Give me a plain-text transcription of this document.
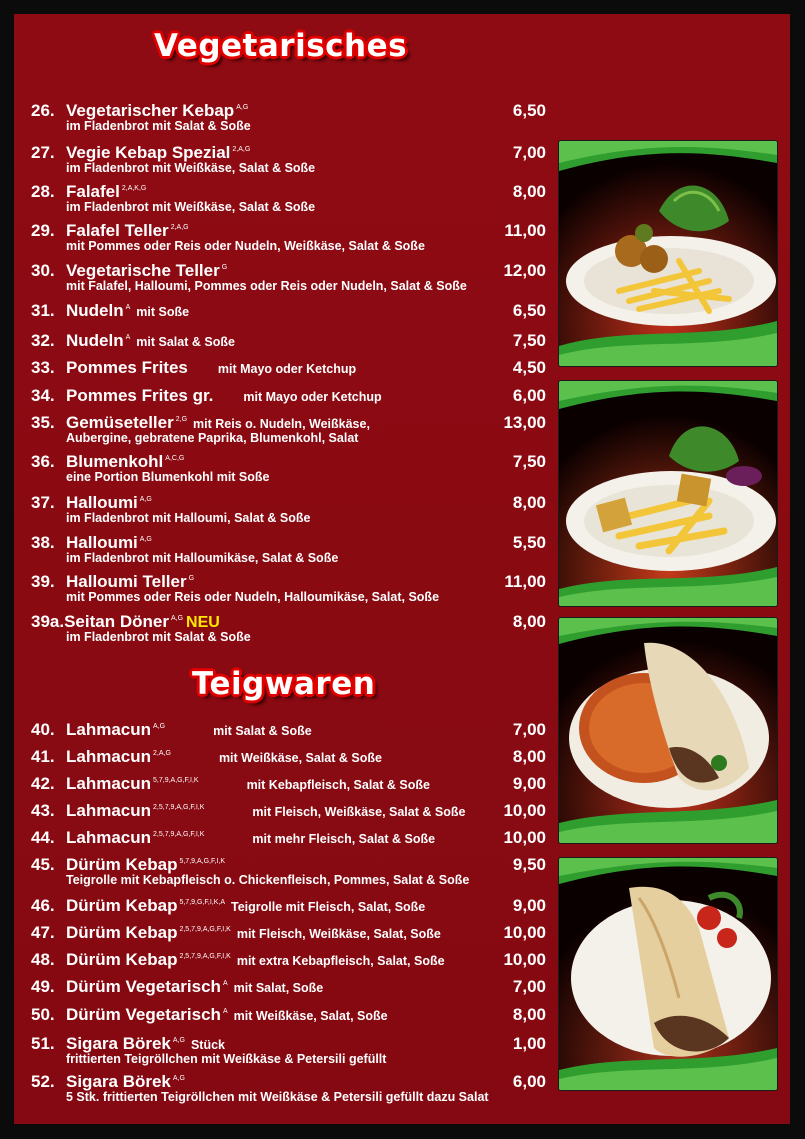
Vegetarisches
Teigwaren
26. Vegetarischer Kebap $^{A,G}$	6,50
im Fladenbrot mit Salat & Soße
27. Vegie Kebap Spezial $^{2,A,G}$	7,00
im Fladenbrot mit Weißkäse, Salat & Soße
28. Falafel $^{2,A,K,G}$	8,00
im Fladenbrot mit Weißkäse, Salat & Soße
29. Falafel Teller $^{2,A,G}$	11,00
mit Pommes oder Reis oder Nudeln, Weißkäse, Salat & Soße
30. Vegetarische Teller $^G$	12,00
mit Falafel, Halloumi, Pommes oder Reis oder Nudeln, Salat & Soße
31. Nudeln $^A$ mit Soße	6,50
32. Nudeln $^A$ mit Salat & Soße	7,50
33. Pommes Frites mit Mayo oder Ketchup	4,50
34. Pommes Frites gr. mit Mayo oder Ketchup	6,00
35. Gemüseteller $^{2,G}$ mit Reis o. Nudeln, Weißkäse,	13,00
Aubergine, gebratene Paprika, Blumenkohl, Salat
36. Blumenkohl $^{A,C,G}$	7,50
eine Portion Blumenkohl mit Soße
37. Halloumi $^{A,G}$	8,00
im Fladenbrot mit Halloumi, Salat & Soße
38. Halloumi $^{A,G}$	5,50
im Fladenbrot mit Halloumikäse, Salat & Soße
39. Halloumi Teller $^G$	11,00
mit Pommes oder Reis oder Nudeln, Halloumikäse, Salat, Soße
39a.Seitan Döner $^{A,G}$ NEU	8,00
im Fladenbrot mit Salat & Soße
40. Lahmacun $^{A,G}$	mit Salat & Soße	7,00
41. Lahmacun $^{2,A,G}$	mit Weißkäse, Salat & Soße	8,00
42. Lahmacun $^{5,7,9,A,G,F,I,K}$	mit Kebapfleisch, Salat & Soße	9,00
43. Lahmacun $^{2,5,7,9,A,G,F,I,K}$	mit Fleisch, Weißkäse, Salat & Soße 10,00
44. Lahmacun $^{2,5,7,9,A,G,F,I,K}$	mit mehr Fleisch, Salat & Soße	10,00
45. Dürüm Kebap $^{5,7,9,A,G,F,I,K}$	9,50
Teigrolle mit Kebapfleisch o. Chickenfleisch, Pommes, Salat & Soße
46. Dürüm Kebap $^{5,7,9,G,F,I,K,A}$ Teigrolle mit Fleisch, Salat, Soße	9,00
47. Dürüm Kebap $^{2,5,7,9,A,G,F,I,K}$ mit Fleisch, Weißkäse, Salat, Soße	10,00
48. Dürüm Kebap $^{2,5,7,9,A,G,F,I,K}$ mit extra Kebapfleisch, Salat, Soße	10,00
49. Dürüm Vegetarisch $^A$ mit Salat, Soße	7,00
50. Dürüm Vegetarisch $^A$ mit Weißkäse, Salat, Soße	8,00
51. Sigara Börek $^{A,G}$ Stück	1,00
frittierten Teigröllchen mit Weißkäse & Petersili gefüllt
52. Sigara Börek $^{A,G}$	6,00
5 Stk. frittierten Teigröllchen mit Weißkäse & Petersili gefüllt dazu Salat
